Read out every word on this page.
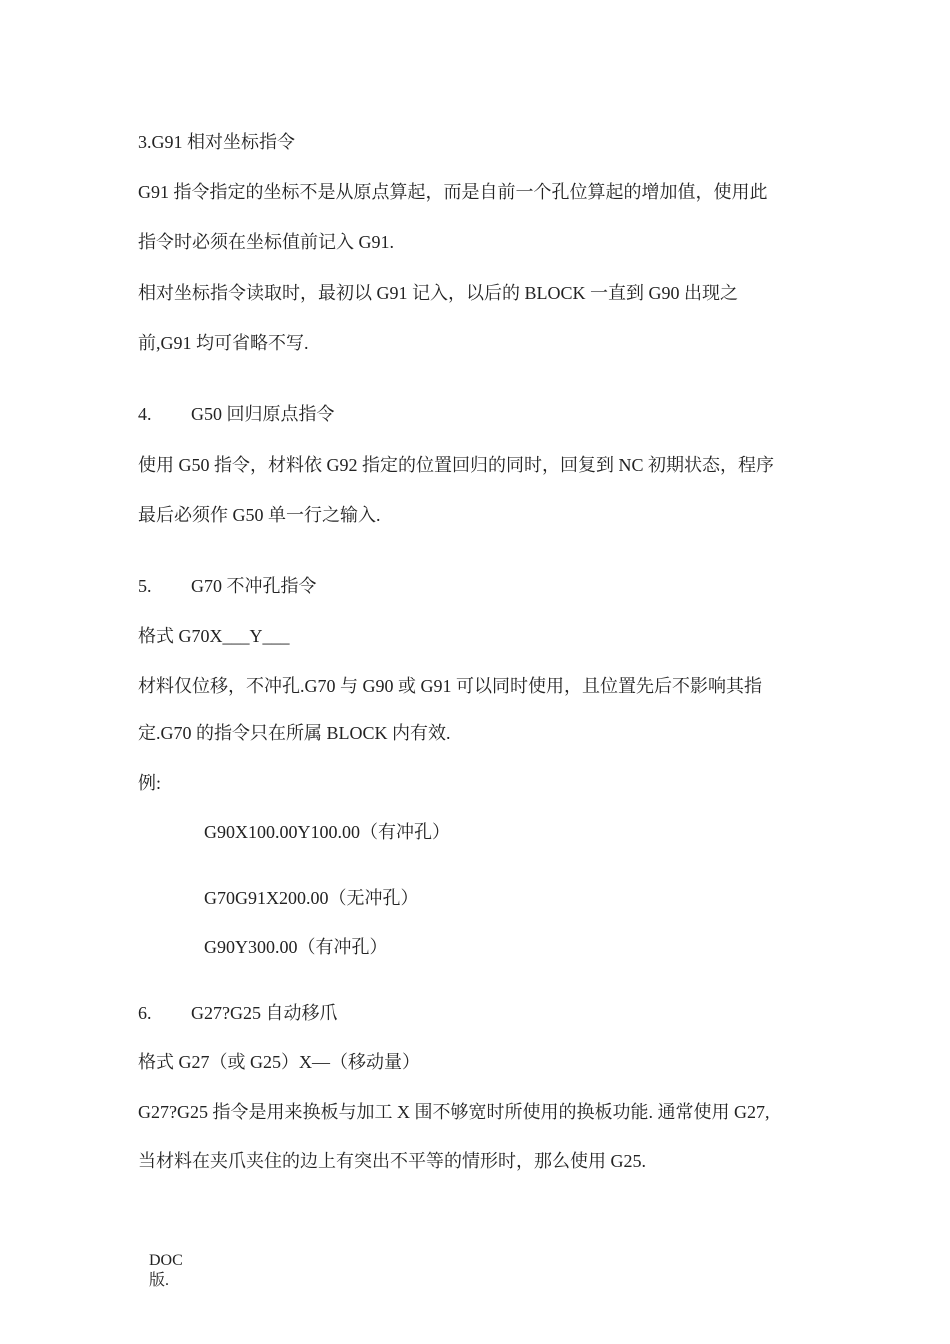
3.G91 相对坐标指令

G91 指令指定的坐标不是从原点算起，而是自前一个孔位算起的增加值，使用此

指令时必须在坐标值前记入 G91.

相对坐标指令读取时，最初以 G91 记入，以后的 BLOCK 一直到 G90 出现之

前,G91 均可省略不写.

4. G50 回归原点指令

使用 G50 指令，材料依 G92 指定的位置回归的同时，回复到 NC 初期状态，程序

最后必须作 G50 单一行之输入.

5. G70 不冲孔指令

格式 G70X___Y___

材料仅位移，不冲孔.G70 与 G90 或 G91 可以同时使用，且位置先后不影响其指

定.G70 的指令只在所属 BLOCK 内有效.

例:

G90X100.00Y100.00（有冲孔）

G70G91X200.00（无冲孔）

G90Y300.00（有冲孔）

6. G27?G25 自动移爪

格式 G27（或 G25）X—（移动量）

G27?G25 指令是用来换板与加工 X 围不够宽时所使用的换板功能. 通常使用 G27,

当材料在夹爪夹住的边上有突出不平等的情形时，那么使用 G25.

DOC
版.
